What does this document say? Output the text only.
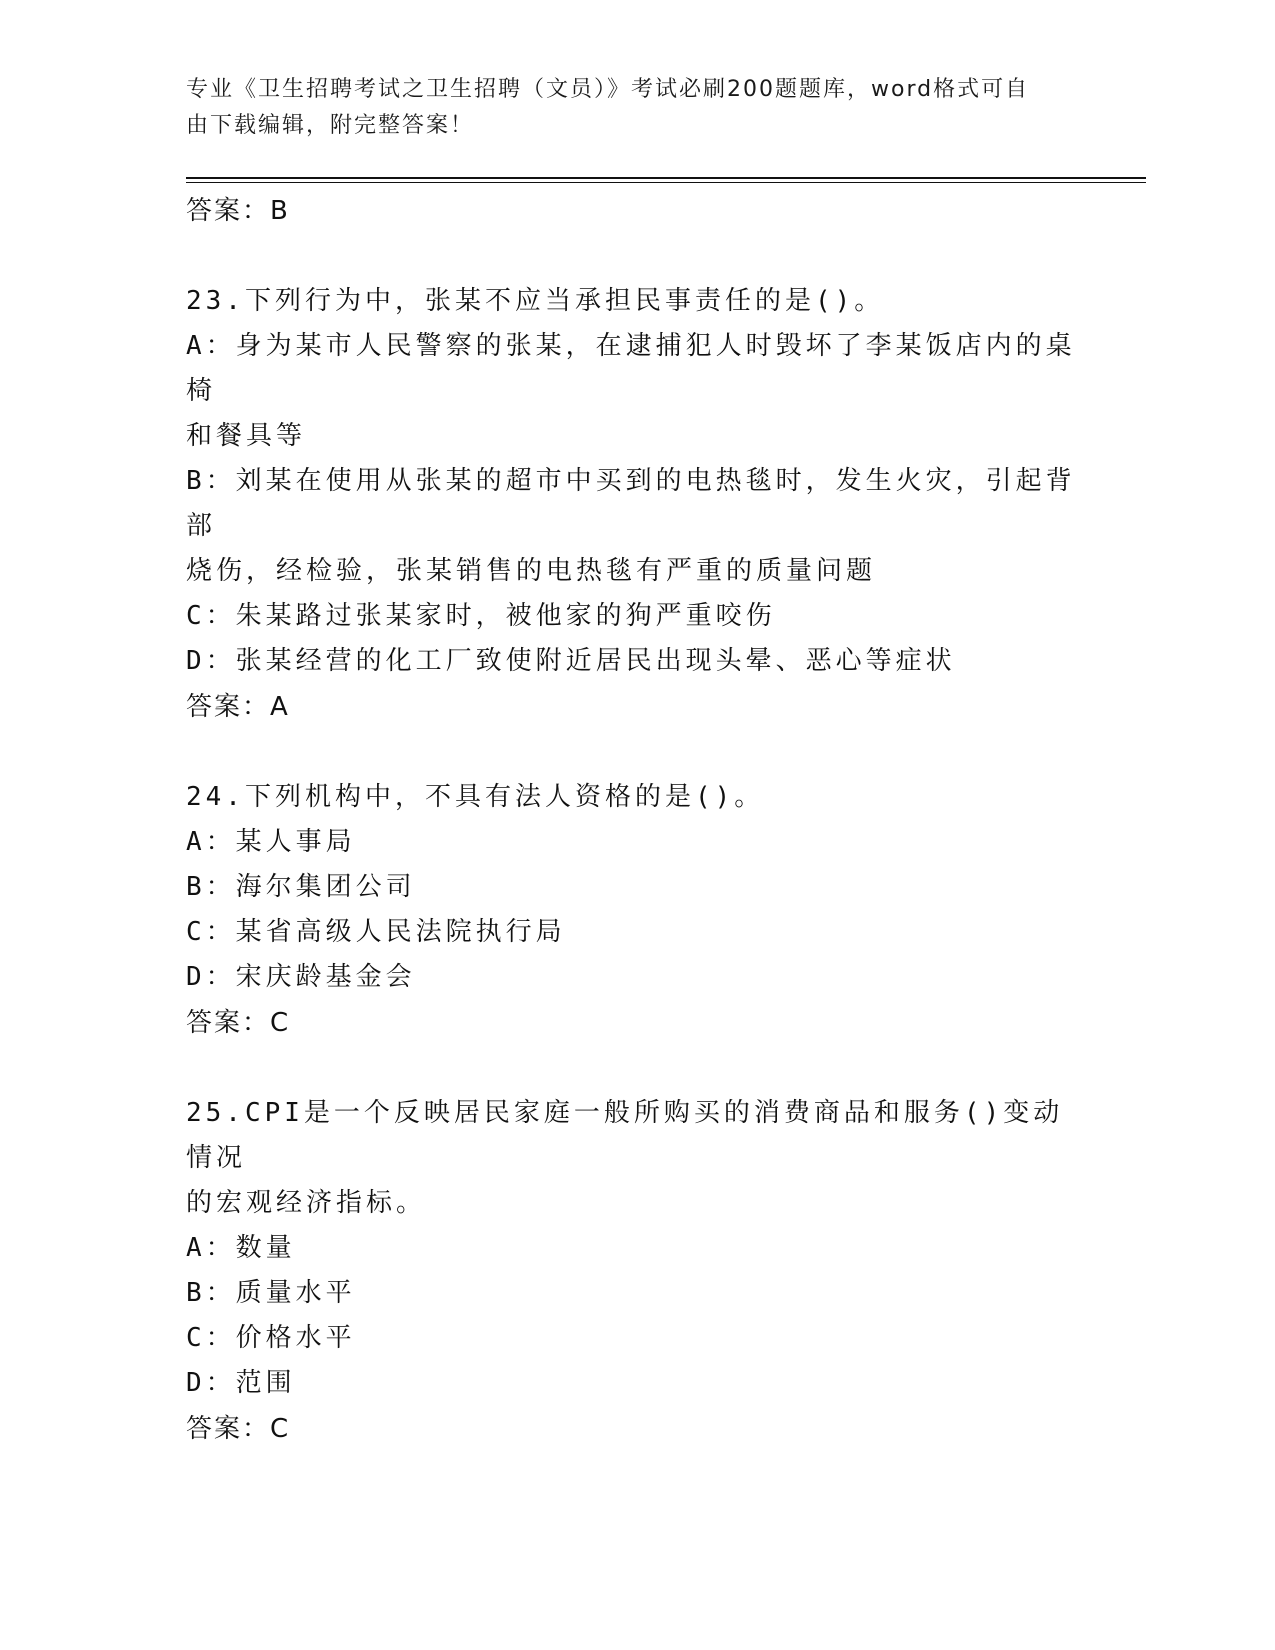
专业《卫生招聘考试之卫生招聘（文员）》考试必刷200题题库，word格式可自
由下载编辑，附完整答案！
答案：B
23.下列行为中，张某不应当承担民事责任的是()。
A：身为某市人民警察的张某，在逮捕犯人时毁坏了李某饭店内的桌椅
和餐具等
B：刘某在使用从张某的超市中买到的电热毯时，发生火灾，引起背部
烧伤，经检验，张某销售的电热毯有严重的质量问题
C：朱某路过张某家时，被他家的狗严重咬伤
D：张某经营的化工厂致使附近居民出现头晕、恶心等症状
答案：A
24.下列机构中，不具有法人资格的是()。
A：某人事局
B：海尔集团公司
C：某省高级人民法院执行局
D：宋庆龄基金会
答案：C
25.CPI是一个反映居民家庭一般所购买的消费商品和服务()变动情况
的宏观经济指标。
A：数量
B：质量水平
C：价格水平
D：范围
答案：C
